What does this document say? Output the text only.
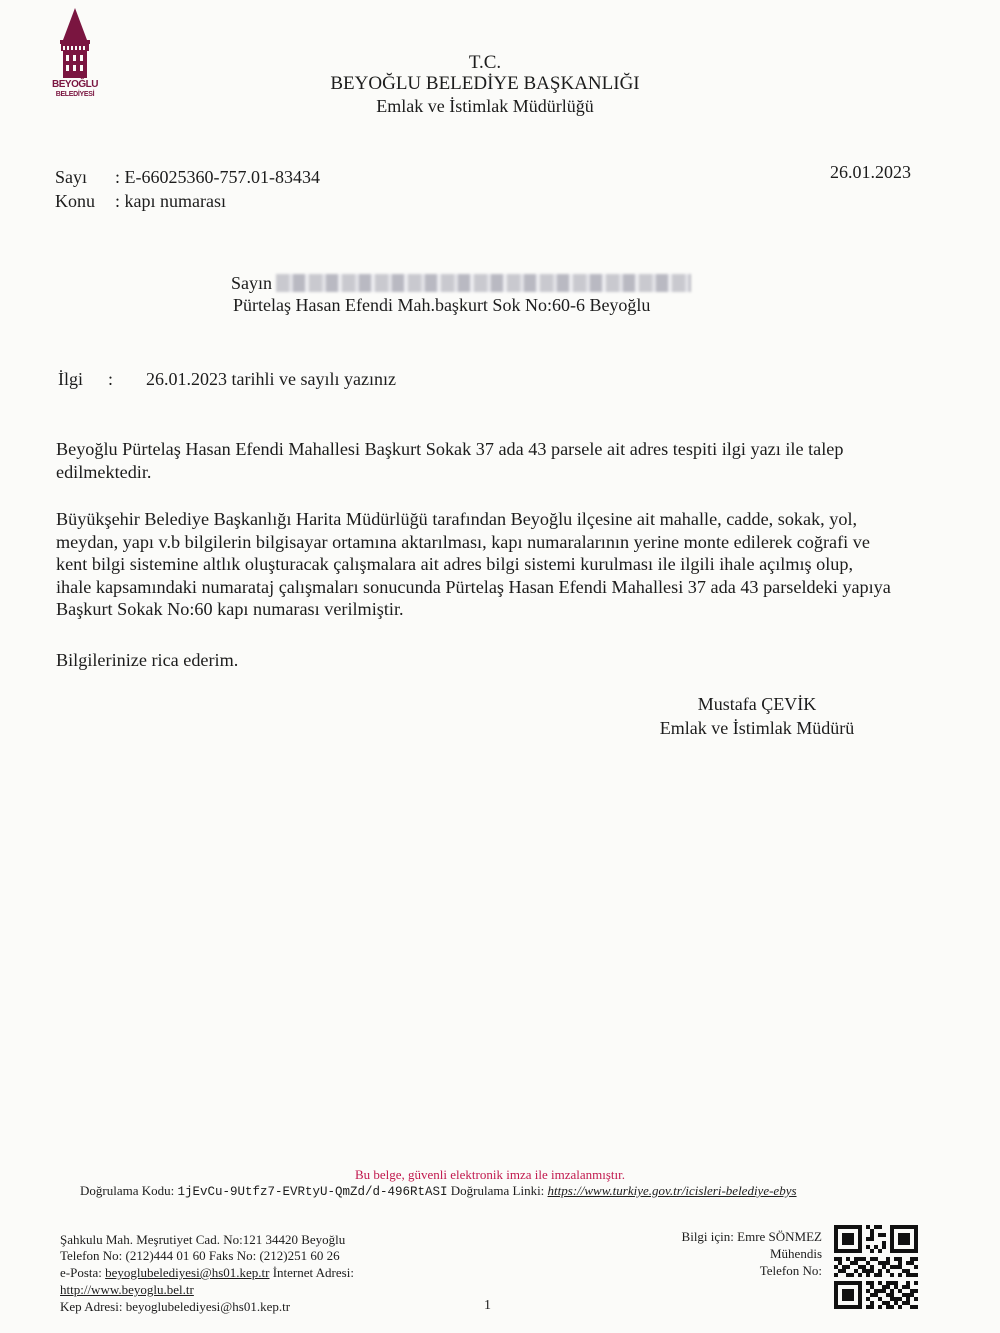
BEYOĞLU
BELEDİYESİ
T.C.
BEYOĞLU BELEDİYE BAŞKANLIĞI
Emlak ve İstimlak Müdürlüğü
Sayı : E-66025360-757.01-83434
Konu : kapı numarası
26.01.2023
Sayın
Pürtelaş Hasan Efendi Mah.başkurt Sok No:60-6 Beyoğlu
İlgi : 26.01.2023 tarihli ve sayılı yazınız

Beyoğlu Pürtelaş Hasan Efendi Mahallesi Başkurt Sokak 37 ada 43 parsele ait adres tespiti ilgi yazı ile talep edilmektedir.

Büyükşehir Belediye Başkanlığı Harita Müdürlüğü tarafından Beyoğlu ilçesine ait mahalle, cadde, sokak, yol, meydan, yapı v.b bilgilerin bilgisayar ortamına aktarılması, kapı numaralarının yerine monte edilerek coğrafi ve kent bilgi sistemine altlık oluşturacak çalışmalara ait adres bilgi sistemi kurulması ile ilgili ihale açılmış olup, ihale kapsamındaki numarataj çalışmaları sonucunda Pürtelaş Hasan Efendi Mahallesi 37 ada 43 parseldeki yapıya Başkurt Sokak No:60 kapı numarası verilmiştir.

Bilgilerinize rica ederim.

Mustafa ÇEVİK
Emlak ve İstimlak Müdürü
Bu belge, güvenli elektronik imza ile imzalanmıştır.
Doğrulama Kodu: 1jEvCu-9Utfz7-EVRtyU-QmZd/d-496RtASI Doğrulama Linki: https://www.turkiye.gov.tr/icisleri-belediye-ebys
Şahkulu Mah. Meşrutiyet Cad. No:121 34420 Beyoğlu
Telefon No: (212)444 01 60 Faks No: (212)251 60 26
e-Posta: beyoglubelediyesi@hs01.kep.tr İnternet Adresi:
http://www.beyoglu.bel.tr
Kep Adresi: beyoglubelediyesi@hs01.kep.tr	1
Bilgi için: Emre SÖNMEZ
Mühendis
Telefon No:
